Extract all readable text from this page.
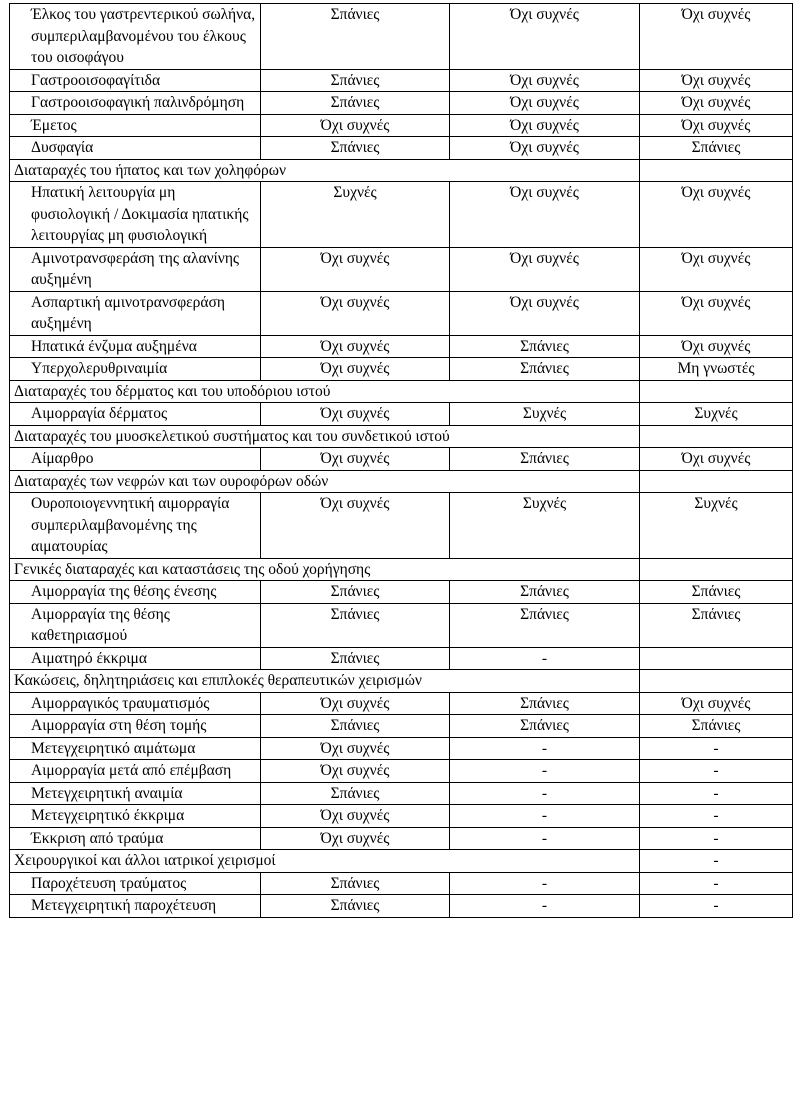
Έλκος του γαστρεντερικού σωλήνα, συμπεριλαμβανομένου του έλκους του οισοφάγου	Σπάνιες	Όχι συχνές	Όχι συχνές
Γαστροοισοφαγίτιδα	Σπάνιες	Όχι συχνές	Όχι συχνές
Γαστροοισοφαγική παλινδρόμηση	Σπάνιες	Όχι συχνές	Όχι συχνές
Έμετος	Όχι συχνές	Όχι συχνές	Όχι συχνές
Δυσφαγία	Σπάνιες	Όχι συχνές	Σπάνιες
Διαταραχές του ήπατος και των χοληφόρων			
Ηπατική λειτουργία μη φυσιολογική / Δοκιμασία ηπατικής λειτουργίας μη φυσιολογική	Συχνές	Όχι συχνές	Όχι συχνές
Αμινοτρανσφεράση της αλανίνης αυξημένη	Όχι συχνές	Όχι συχνές	Όχι συχνές
Ασπαρτική αμινοτρανσφεράση αυξημένη	Όχι συχνές	Όχι συχνές	Όχι συχνές
Ηπατικά ένζυμα αυξημένα	Όχι συχνές	Σπάνιες	Όχι συχνές
Υπερχολερυθριναιμία	Όχι συχνές	Σπάνιες	Μη γνωστές
Διαταραχές του δέρματος και του υποδόριου ιστού			
Αιμορραγία δέρματος	Όχι συχνές	Συχνές	Συχνές
Διαταραχές του μυοσκελετικού συστήματος και του συνδετικού ιστού			
Αίμαρθρο	Όχι συχνές	Σπάνιες	Όχι συχνές
Διαταραχές των νεφρών και των ουροφόρων οδών			
Ουροποιογεννητική αιμορραγία συμπεριλαμβανομένης της αιματουρίας	Όχι συχνές	Συχνές	Συχνές
Γενικές διαταραχές και καταστάσεις της οδού χορήγησης			
Αιμορραγία της θέσης ένεσης	Σπάνιες	Σπάνιες	Σπάνιες
Αιμορραγία της θέσης καθετηριασμού	Σπάνιες	Σπάνιες	Σπάνιες
Αιματηρό έκκριμα	Σπάνιες	-	
Κακώσεις, δηλητηριάσεις και επιπλοκές θεραπευτικών χειρισμών			
Αιμορραγικός τραυματισμός	Όχι συχνές	Σπάνιες	Όχι συχνές
Αιμορραγία στη θέση τομής	Σπάνιες	Σπάνιες	Σπάνιες
Μετεγχειρητικό αιμάτωμα	Όχι συχνές	-	-
Αιμορραγία μετά από επέμβαση	Όχι συχνές	-	-
Μετεγχειρητική αναιμία	Σπάνιες	-	-
Μετεγχειρητικό έκκριμα	Όχι συχνές	-	-
Έκκριση από τραύμα	Όχι συχνές	-	-
Χειρουργικοί και άλλοι ιατρικοί χειρισμοί			-
Παροχέτευση τραύματος	Σπάνιες	-	-
Μετεγχειρητική παροχέτευση	Σπάνιες	-	-
